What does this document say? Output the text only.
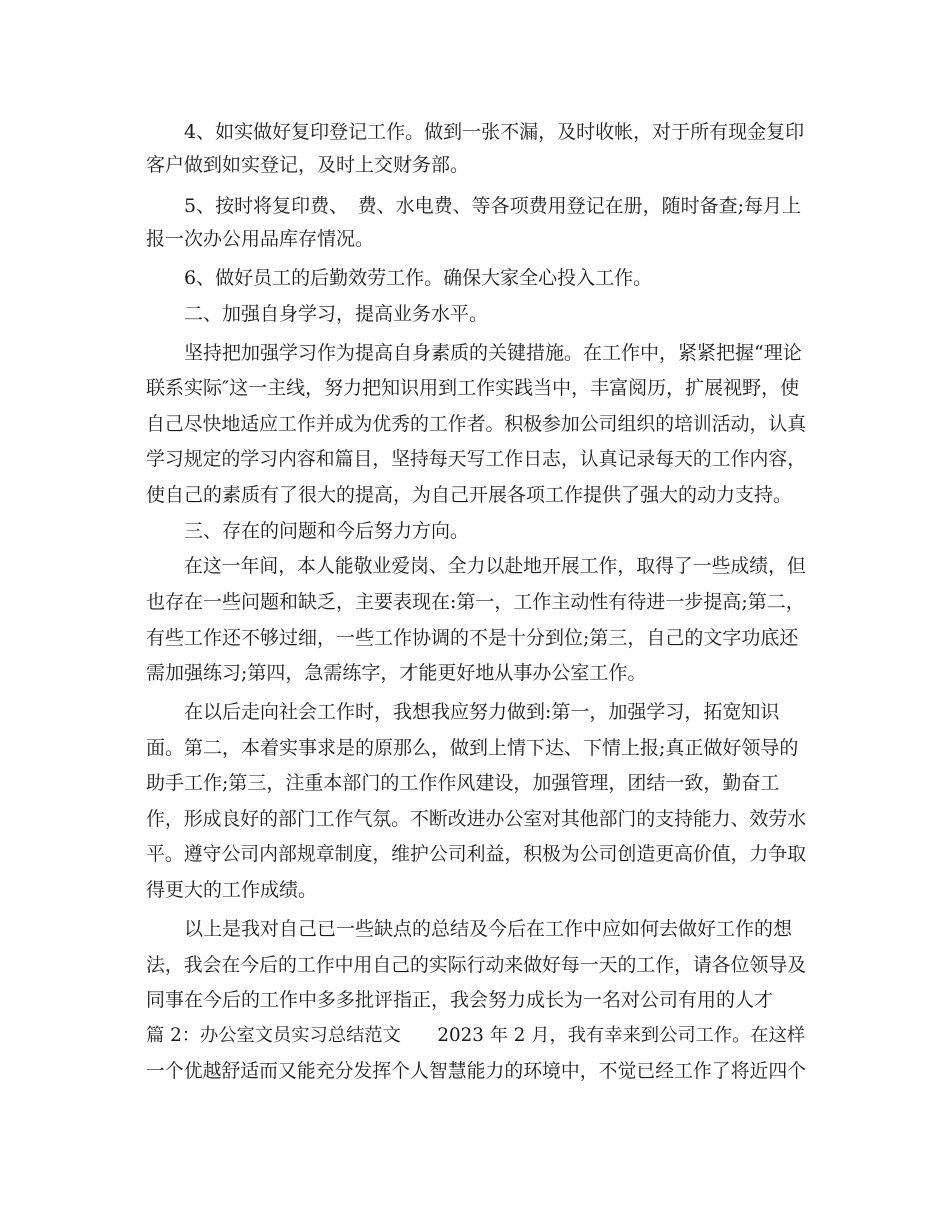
4、如实做好复印登记工作。做到一张不漏，及时收帐，对于所有现金复印
客户做到如实登记，及时上交财务部。
5、按时将复印费、　费、水电费、等各项费用登记在册，随时备查;每月上
报一次办公用品库存情况。
6、做好员工的后勤效劳工作。确保大家全心投入工作。
二、加强自身学习，提高业务水平。
坚持把加强学习作为提高自身素质的关键措施。在工作中，紧紧把握“理论
联系实际″这一主线，努力把知识用到工作实践当中，丰富阅历，扩展视野，使
自己尽快地适应工作并成为优秀的工作者。积极参加公司组织的培训活动，认真
学习规定的学习内容和篇目，坚持每天写工作日志，认真记录每天的工作内容，
使自己的素质有了很大的提高，为自己开展各项工作提供了强大的动力支持。
三、存在的问题和今后努力方向。
在这一年间，本人能敬业爱岗、全力以赴地开展工作，取得了一些成绩，但
也存在一些问题和缺乏，主要表现在:第一，工作主动性有待进一步提高;第二，
有些工作还不够过细，一些工作协调的不是十分到位;第三，自己的文字功底还
需加强练习;第四，急需练字，才能更好地从事办公室工作。
在以后走向社会工作时，我想我应努力做到:第一，加强学习，拓宽知识
面。第二，本着实事求是的原那么，做到上情下达、下情上报;真正做好领导的
助手工作;第三，注重本部门的工作作风建设，加强管理，团结一致，勤奋工
作，形成良好的部门工作气氛。不断改进办公室对其他部门的支持能力、效劳水
平。遵守公司内部规章制度，维护公司利益，积极为公司创造更高价值，力争取
得更大的工作成绩。
以上是我对自己已一些缺点的总结及今后在工作中应如何去做好工作的想
法，我会在今后的工作中用自己的实际行动来做好每一天的工作，请各位领导及
同事在今后的工作中多多批评指正，我会努力成长为一名对公司有用的人才
篇 2：办公室文员实习总结范文　　2023 年 2 月，我有幸来到公司工作。在这样
一个优越舒适而又能充分发挥个人智慧能力的环境中，不觉已经工作了将近四个
